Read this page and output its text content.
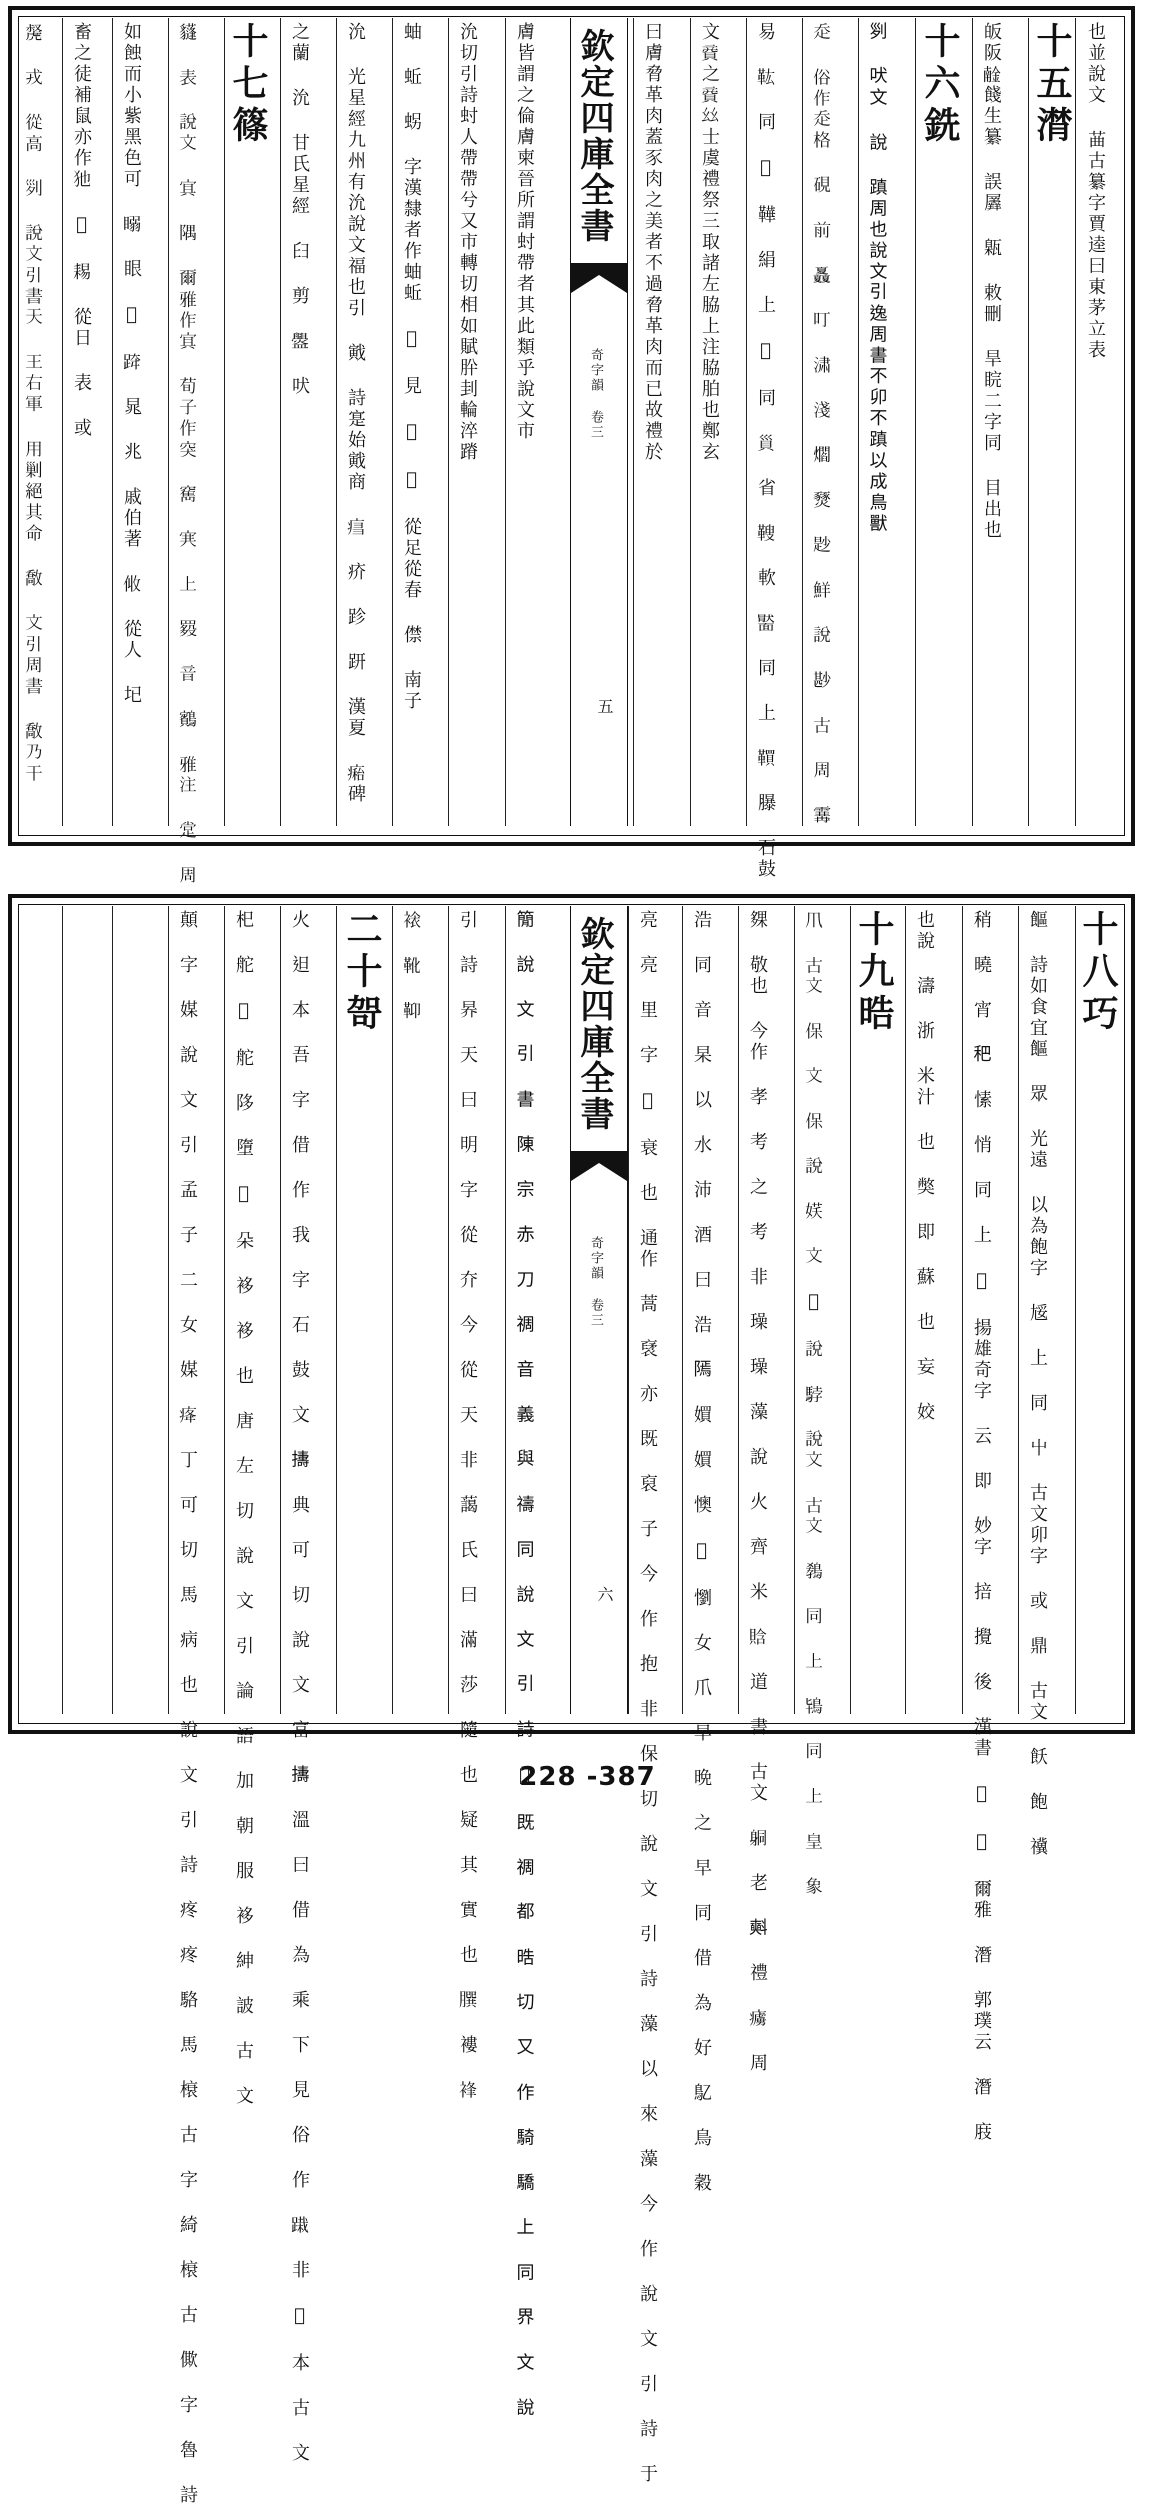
也並說文 䒼古纂字賈逵曰東茅立表
十五潸
皈阪𨩧餞生纂 誤羼 甈 敕刪 旱睆二字同 目出也
十六銑
𠛱 吠文 說 蹎周也說文引逸周書不卯不蹎以成鳥獸
𧺆 俗作𧺆格 硯 前 𡖃 叮 㴋 淺 爓 燹 尟 鮮 說 尠 古 周 𩄢
易 𩉦 同 𩎟 鞾 絹 上 𣓨 同 𧴲 省 𩌅 軟 𩉂 同 上 𩍃 𦢊 石鼓
文𧶜之𧶜𢆶士虞禮祭三取諸左脇上注脇胉也鄭玄
曰膚脅革肉蓋豕肉之美者不過脅革肉而已故禮於
欽定四庫全書
奇字韻 卷三
五
膚皆謂之倫膚柬晉所謂䖞帶者其此類乎說文市
沇切引詩䖞人帶帶兮又市轉切相如賦肸刲輪淬蹐
蚰 蚯 𧊅 字漢隸者作蚰蚯 𢑴 見 𧗱 𨁏 從足從春 僸 南子
沇 光星經九州有沇說文福也引 戭 詩寔始戭商 𤶍 疥 跈 趼 漢夏 𤹇碑
之蘭 沇 甘氏星經 𦥑 剪 𥃘 吠
十七篠
𧴟 表 說文 𡨋 隅 爾雅作𡨋 荀子作突 𥨣 𡨄 上 𦋲 音 𪇕 雅注 䟫 周
如蝕而小紫黑色可 𥉧 眼 𥉨 𨀗 晁 兆 戚伯著 𠈅 從人 𡉏
畜之徒補鼠亦作𤜣 𦔧 𦓻 從日 表 或
𧇝 戎 從高 𠛱 說文引書天 王右軍 用剿絕其命 敿 文引周書 敿乃干
十八巧
饇 詩如食宜饇 眾 光遠 以為飽字 㞂 上 同 屮 古文卯字 或 鼎 古文 飫 飽 𥜥
稍 曉 宵 𥝧 愫 悄 同 上 𤈵 揚雄奇字 云 即 妙字 掊 攪 後 漢書 𥬪 𥬡 爾雅 潛 郭璞云 潛 庪
也說 濤 浙 米汁 也 獘 即 蘇 也 妄 姣
十九晧
𤓯 古文 保 文 保 說 𡝩 文 𢡮 說 𩣡 說文 古文 𪁡 同 上 鴇 同 上 皇 象
㚌 敬也 今作 孝 考 之 考 非 璪 璪 藻 說 火 齊 米 𧶗 道 書 古文 𨈹 老 𣂏 禮 𤺿 周
浩 同 音 杲 以 水 沛 酒 曰 浩 𨻳 㜥 㜥 懊 𢥾 懰 女 爪 早 晩 之 早 同 借 為 好 鳦 鳥 穀
亮 亮 里 字 𡫏 衰 也 通作 蒿 裦 亦 既 裒 子 今 作 抱 非 保 切 說 文 引 詩 藻 以 來 藻 今 作 說 文 引 詩 于
欽定四庫全書
奇字韻 卷三
六
𥳑 說 文 引 書 陳 宗 赤 刀 禂 音 義 與 禱 同 說 文 引 詩 𥜌 既 禂 都 晧 切 又 作 騎 驕 上 同 界 文 說
引 詩 昦 天 曰 明 字 從 夰 今 從 天 非 藹 氏 曰 滿 莎 隨 也 疑 其 實 也 𦠆 褸 𧚋
𧛄 靴 䩕
二十哿
火 𨑨 本 吾 字 借 作 我 字 石 鼓 文 𢷬 典 可 切 說 文 富 𢷬 溫 曰 借 為 乘 下 見 俗 作 𨃭 非 𡚃 本 古 文
𣏌 舵 𤆮 舵 陊 墮 𡎸 朵 袳 袳 也 唐 左 切 說 文 引 論 語 加 朝 服 袳 紳 詖 古 文
顛 字 媒 說 文 引 孟 子 二 女 媒 𤵸 丁 可 切 馬 病 也 說 文 引 詩 疼 疼 駱 馬 榱 古 字 綺 榱 古 僛 字 魯 詩	228 -387
